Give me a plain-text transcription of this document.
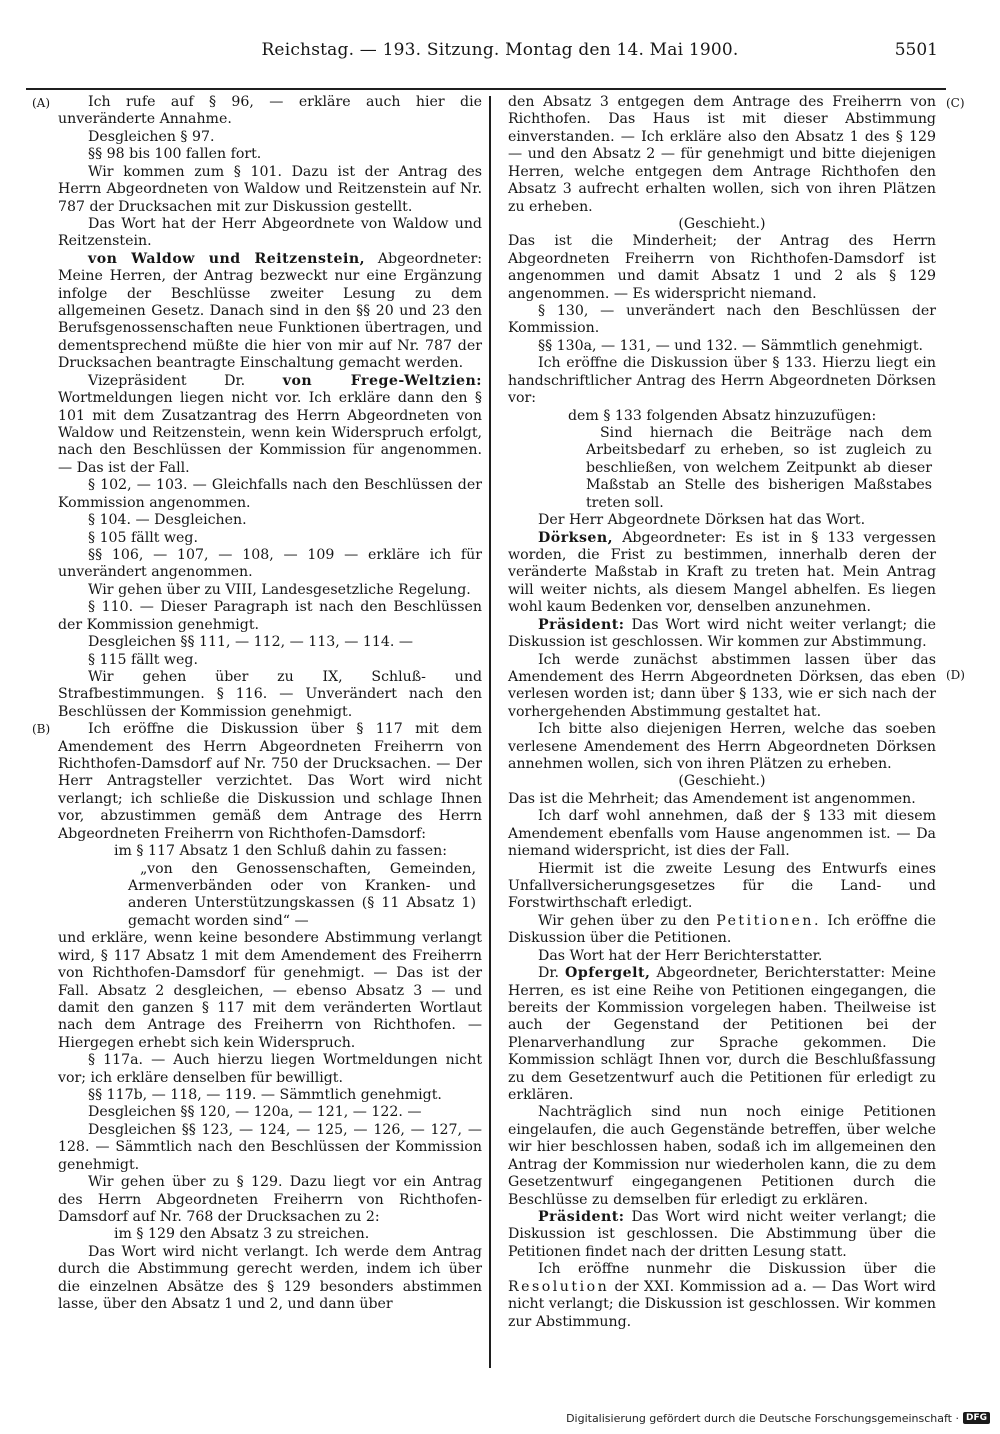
Reichstag. — 193. Sitzung. Montag den 14. Mai 1900.	5501
(A)
(B)
(C)
(D)

Ich rufe auf § 96, — erkläre auch hier die unveränderte Annahme.

Desgleichen § 97.

§§ 98 bis 100 fallen fort.

Wir kommen zum § 101. Dazu ist der Antrag des Herrn Abgeordneten von Waldow und Reitzenstein auf Nr. 787 der Drucksachen mit zur Diskussion gestellt.

Das Wort hat der Herr Abgeordnete von Waldow und Reitzenstein.

von Waldow und Reitzenstein, Abgeordneter: Meine Herren, der Antrag bezweckt nur eine Ergänzung infolge der Beschlüsse zweiter Lesung zu dem allgemeinen Gesetz. Danach sind in den §§ 20 und 23 den Berufsgenossenschaften neue Funktionen übertragen, und dementsprechend müßte die hier von mir auf Nr. 787 der Drucksachen beantragte Einschaltung gemacht werden.

Vizepräsident Dr. von Frege-Weltzien: Wortmeldungen liegen nicht vor. Ich erkläre dann den § 101 mit dem Zusatzantrag des Herrn Abgeordneten von Waldow und Reitzenstein, wenn kein Widerspruch erfolgt, nach den Beschlüssen der Kommission für angenommen. — Das ist der Fall.

§ 102, — 103. — Gleichfalls nach den Beschlüssen der Kommission angenommen.

§ 104. — Desgleichen.

§ 105 fällt weg.

§§ 106, — 107, — 108, — 109 — erkläre ich für unverändert angenommen.

Wir gehen über zu VIII, Landesgesetzliche Regelung.

§ 110. — Dieser Paragraph ist nach den Beschlüssen der Kommission genehmigt.

Desgleichen §§ 111, — 112, — 113, — 114. —

§ 115 fällt weg.

Wir gehen über zu IX, Schluß- und Strafbestimmungen. § 116. — Unverändert nach den Beschlüssen der Kommission genehmigt.

Ich eröffne die Diskussion über § 117 mit dem Amendement des Herrn Abgeordneten Freiherrn von Richthofen-Damsdorf auf Nr. 750 der Drucksachen. — Der Herr Antragsteller verzichtet. Das Wort wird nicht verlangt; ich schließe die Diskussion und schlage Ihnen vor, abzustimmen gemäß dem Antrage des Herrn Abgeordneten Freiherrn von Richthofen-Damsdorf:

im § 117 Absatz 1 den Schluß dahin zu fassen:

„von den Genossenschaften, Gemeinden, Armenverbänden oder von Kranken- und anderen Unterstützungskassen (§ 11 Absatz 1) gemacht worden sind“ —

und erkläre, wenn keine besondere Abstimmung verlangt wird, § 117 Absatz 1 mit dem Amendement des Freiherrn von Richthofen-Damsdorf für genehmigt. — Das ist der Fall. Absatz 2 desgleichen, — ebenso Absatz 3 — und damit den ganzen § 117 mit dem veränderten Wortlaut nach dem Antrage des Freiherrn von Richthofen. — Hiergegen erhebt sich kein Widerspruch.

§ 117a. — Auch hierzu liegen Wortmeldungen nicht vor; ich erkläre denselben für bewilligt.

§§ 117b, — 118, — 119. — Sämmtlich genehmigt.

Desgleichen §§ 120, — 120a, — 121, — 122. —

Desgleichen §§ 123, — 124, — 125, — 126, — 127, — 128. — Sämmtlich nach den Beschlüssen der Kommission genehmigt.

Wir gehen über zu § 129. Dazu liegt vor ein Antrag des Herrn Abgeordneten Freiherrn von Richthofen-Damsdorf auf Nr. 768 der Drucksachen zu 2:

im § 129 den Absatz 3 zu streichen.

Das Wort wird nicht verlangt. Ich werde dem Antrag durch die Abstimmung gerecht werden, indem ich über die einzelnen Absätze des § 129 besonders abstimmen lasse, über den Absatz 1 und 2, und dann über

den Absatz 3 entgegen dem Antrage des Freiherrn von Richthofen. Das Haus ist mit dieser Abstimmung einverstanden. — Ich erkläre also den Absatz 1 des § 129 — und den Absatz 2 — für genehmigt und bitte diejenigen Herren, welche entgegen dem Antrage Richthofen den Absatz 3 aufrecht erhalten wollen, sich von ihren Plätzen zu erheben.

(Geschieht.)

Das ist die Minderheit; der Antrag des Herrn Abgeordneten Freiherrn von Richthofen-Damsdorf ist angenommen und damit Absatz 1 und 2 als § 129 angenommen. — Es widerspricht niemand.

§ 130, — unverändert nach den Beschlüssen der Kommission.

§§ 130a, — 131, — und 132. — Sämmtlich genehmigt.

Ich eröffne die Diskussion über § 133. Hierzu liegt ein handschriftlicher Antrag des Herrn Abgeordneten Dörksen vor:

dem § 133 folgenden Absatz hinzuzufügen:

Sind hiernach die Beiträge nach dem Arbeitsbedarf zu erheben, so ist zugleich zu beschließen, von welchem Zeitpunkt ab dieser Maßstab an Stelle des bisherigen Maßstabes treten soll.

Der Herr Abgeordnete Dörksen hat das Wort.

Dörksen, Abgeordneter: Es ist in § 133 vergessen worden, die Frist zu bestimmen, innerhalb deren der veränderte Maßstab in Kraft zu treten hat. Mein Antrag will weiter nichts, als diesem Mangel abhelfen. Es liegen wohl kaum Bedenken vor, denselben anzunehmen.

Präsident: Das Wort wird nicht weiter verlangt; die Diskussion ist geschlossen. Wir kommen zur Abstimmung.

Ich werde zunächst abstimmen lassen über das Amendement des Herrn Abgeordneten Dörksen, das eben verlesen worden ist; dann über § 133, wie er sich nach der vorhergehenden Abstimmung gestaltet hat.

Ich bitte also diejenigen Herren, welche das soeben verlesene Amendement des Herrn Abgeordneten Dörksen annehmen wollen, sich von ihren Plätzen zu erheben.

(Geschieht.)

Das ist die Mehrheit; das Amendement ist angenommen.

Ich darf wohl annehmen, daß der § 133 mit diesem Amendement ebenfalls vom Hause angenommen ist. — Da niemand widerspricht, ist dies der Fall.

Hiermit ist die zweite Lesung des Entwurfs eines Unfallversicherungsgesetzes für die Land- und Forstwirthschaft erledigt.

Wir gehen über zu den Petitionen. Ich eröffne die Diskussion über die Petitionen.

Das Wort hat der Herr Berichterstatter.

Dr. Opfergelt, Abgeordneter, Berichterstatter: Meine Herren, es ist eine Reihe von Petitionen eingegangen, die bereits der Kommission vorgelegen haben. Theilweise ist auch der Gegenstand der Petitionen bei der Plenarverhandlung zur Sprache gekommen. Die Kommission schlägt Ihnen vor, durch die Beschlußfassung zu dem Gesetzentwurf auch die Petitionen für erledigt zu erklären.

Nachträglich sind nun noch einige Petitionen eingelaufen, die auch Gegenstände betreffen, über welche wir hier beschlossen haben, sodaß ich im allgemeinen den Antrag der Kommission nur wiederholen kann, die zu dem Gesetzentwurf eingegangenen Petitionen durch die Beschlüsse zu demselben für erledigt zu erklären.

Präsident: Das Wort wird nicht weiter verlangt; die Diskussion ist geschlossen. Die Abstimmung über die Petitionen findet nach der dritten Lesung statt.

Ich eröffne nunmehr die Diskussion über die Resolution der XXI. Kommission ad a. — Das Wort wird nicht verlangt; die Diskussion ist geschlossen. Wir kommen zur Abstimmung.

Digitalisierung gefördert durch die Deutsche Forschungsgemeinschaft · DFG
